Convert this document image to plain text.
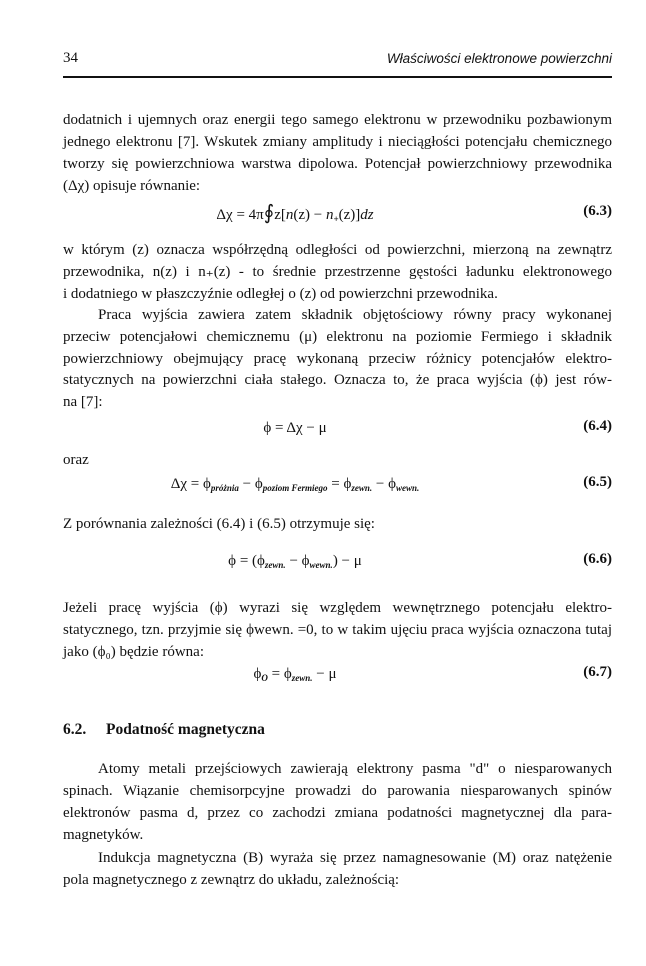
34	Właściwości elektronowe powierzchni
dodatnich i ujemnych oraz energii tego samego elektronu w przewodniku pozbawionym
jednego elektronu [7]. Wskutek zmiany amplitudy i nieciągłości potencjału chemicznego
tworzy się powierzchniowa warstwa dipolowa. Potencjał powierzchniowy przewodnika
(Δχ) opisuje równanie:
Δχ = 4π∮z[n(z) − $n_+(z)]dz$	(6.3)
w którym (z) oznacza współrzędną odległości od powierzchni, mierzoną na zewnątrz
przewodnika, n(z) i n₊(z) - to średnie przestrzenne gęstości ładunku elektronowego
i dodatniego w płaszczyźnie odległej o (z) od powierzchni przewodnika.
Praca wyjścia zawiera zatem składnik objętościowy równy pracy wykonanej
przeciw potencjałowi chemicznemu (μ) elektronu na poziomie Fermiego i składnik
powierzchniowy obejmujący pracę wykonaną przeciw różnicy potencjałów elektro-
statycznych na powierzchni ciała stałego. Oznacza to, że praca wyjścia (ϕ) jest rów-
na [7]:
ϕ = Δχ − μ	(6.4)
oraz
$\Delta\chi = \phi_{próżnia} - \phi_{poziom Fermiego} = \phi_{zewn.} - \phi_{wewn.}$	(6.5)
Z porównania zależności (6.4) i (6.5) otrzymuje się:
$\phi = (\phi_{zewn.} - \phi_{wewn.}) - \mu$	(6.6)
Jeżeli pracę wyjścia (ϕ) wyrazi się względem wewnętrznego potencjału elektro-
statycznego, tzn. przyjmie się ϕwewn. =0, to w takim ujęciu praca wyjścia oznaczona tutaj
jako (ϕ₀) będzie równa:
$\phi_O = \phi_{zewn.} - \mu$	(6.7)
6.2. Podatność magnetyczna
Atomy metali przejściowych zawierają elektrony pasma "d" o niesparowanych
spinach. Wiązanie chemisorpcyjne prowadzi do parowania niesparowanych spinów
elektronów pasma d, przez co zachodzi zmiana podatności magnetycznej dla para-
magnetyków.
Indukcja magnetyczna (B) wyraża się przez namagnesowanie (M) oraz natężenie
pola magnetycznego z zewnątrz do układu, zależnością:
